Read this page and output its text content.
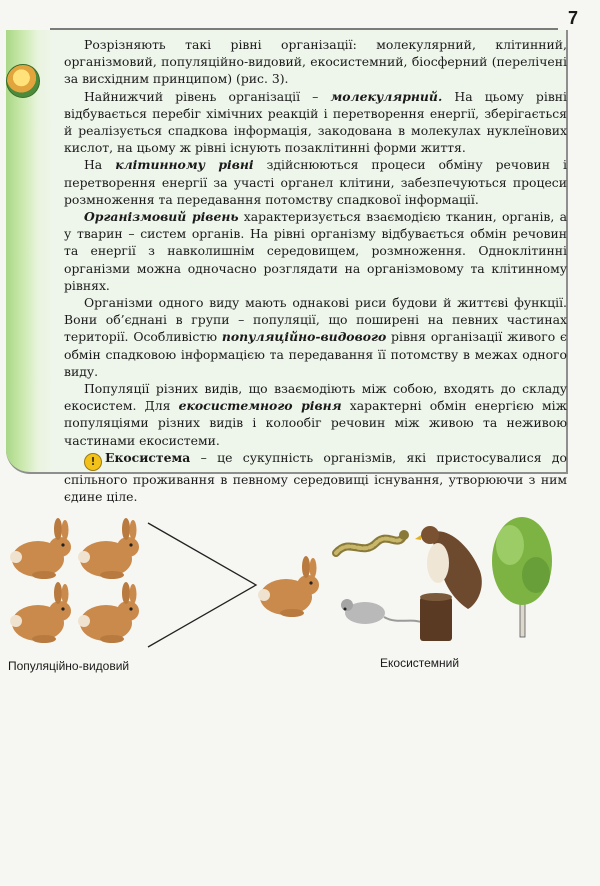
7

Розрізняють такі рівні організації: молекулярний, клітинний, організмовий, популяційно-видовий, екосистемний, біосферний (перелічені за висхідним принципом) (рис. 3).

Найнижчий рівень організації – молекулярний. На цьому рівні відбувається перебіг хімічних реакцій і перетворення енергії, зберігається й реалізується спадкова інформація, закодована в молекулах нуклеїнових кислот, на цьому ж рівні існують позаклітинні форми життя.

На клітинному рівні здійснюються процеси обміну речовин і перетворення енергії за участі органел клітини, забезпечуються процеси розмноження та передавання потомству спадкової інформації.

Організмовий рівень характеризується взаємодією тканин, органів, а у тварин – систем органів. На рівні організму відбувається обмін речовин та енергії з навколишнім середовищем, розмноження. Одноклітинні організми можна одночасно розглядати на організмовому та клітинному рівнях.

Організми одного виду мають однакові риси будови й життєві функції. Вони об’єднані в групи – популяції, що поширені на певних частинах території. Особливістю популяційно-видового рівня організації живого є обмін спадковою інформацією та передавання її потомству в межах одного виду.

Популяції різних видів, що взаємодіють між собою, входять до складу екосистем. Для екосистемного рівня характерні обмін енергією між популяціями різних видів і колообіг речовин між живою та неживою частинами екосистеми.

! Екосистема – це сукупність організмів, які пристосувалися до спільного проживання в певному середовищі існування, утворюючи з ним єдине ціле.

Популяційно-видовий	Екосистемний
